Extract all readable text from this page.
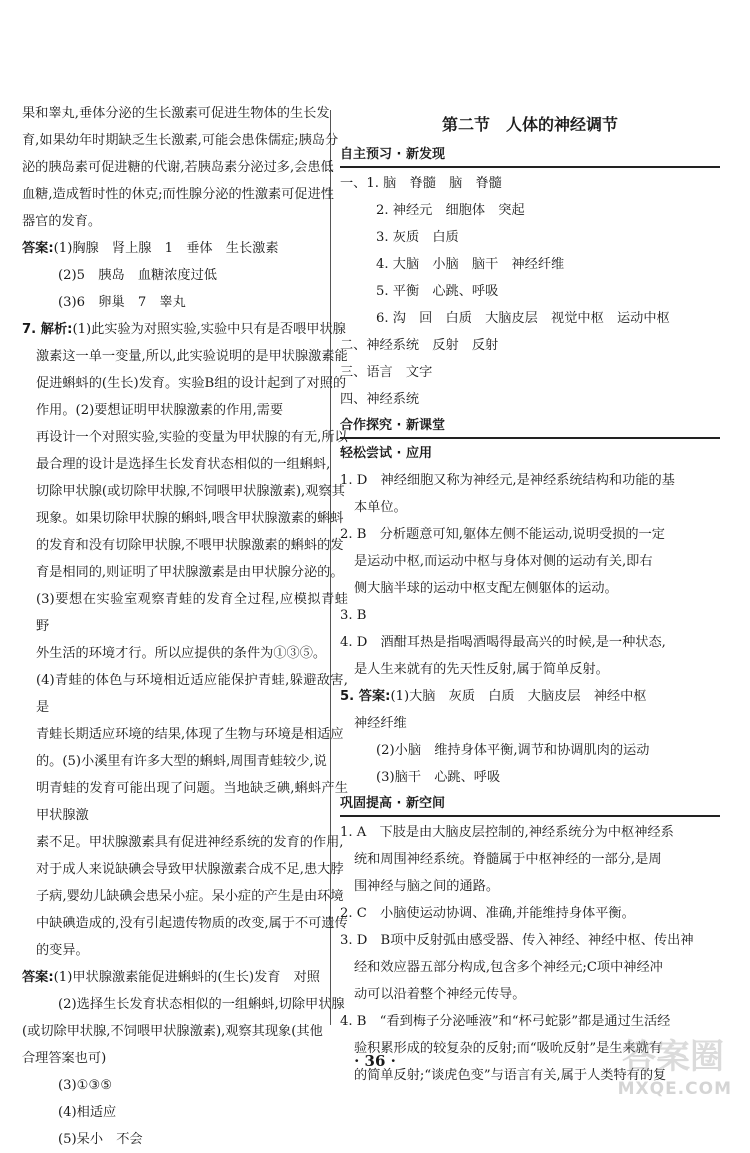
果和睾丸,垂体分泌的生长激素可促进生物体的生长发

育,如果幼年时期缺乏生长激素,可能会患侏儒症;胰岛分

泌的胰岛素可促进糖的代谢,若胰岛素分泌过多,会患低

血糖,造成暂时性的休克;而性腺分泌的性激素可促进性

器官的发育。

答案:(1)胸腺　肾上腺　1　垂体　生长激素

(2)5　胰岛　血糖浓度过低

(3)6　卵巢　7　睾丸

7. 解析:(1)此实验为对照实验,实验中只有是否喂甲状腺

激素这一单一变量,所以,此实验说明的是甲状腺激素能

促进蝌蚪的(生长)发育。实验B组的设计起到了对照的

作用。(2)要想证明甲状腺激素的作用,需要

再设计一个对照实验,实验的变量为甲状腺的有无,所以

最合理的设计是选择生长发育状态相似的一组蝌蚪,

切除甲状腺(或切除甲状腺,不饲喂甲状腺激素),观察其

现象。如果切除甲状腺的蝌蚪,喂含甲状腺激素的蝌蚪

的发育和没有切除甲状腺,不喂甲状腺激素的蝌蚪的发

育是相同的,则证明了甲状腺激素是由甲状腺分泌的。

(3)要想在实验室观察青蛙的发育全过程,应模拟青蛙野

外生活的环境才行。所以应提供的条件为①③⑤。

(4)青蛙的体色与环境相近适应能保护青蛙,躲避敌害,是

青蛙长期适应环境的结果,体现了生物与环境是相适应

的。(5)小溪里有许多大型的蝌蚪,周围青蛙较少,说

明青蛙的发育可能出现了问题。当地缺乏碘,蝌蚪产生甲状腺激

素不足。甲状腺激素具有促进神经系统的发育的作用,

对于成人来说缺碘会导致甲状腺激素合成不足,患大脖

子病,婴幼儿缺碘会患呆小症。呆小症的产生是由环境

中缺碘造成的,没有引起遗传物质的改变,属于不可遗传

的变异。

答案:(1)甲状腺激素能促进蝌蚪的(生长)发育　对照

(2)选择生长发育状态相似的一组蝌蚪,切除甲状腺

(或切除甲状腺,不饲喂甲状腺激素),观察其现象(其他

合理答案也可)

(3)①③⑤

(4)相适应

(5)呆小　不会

第二节　人体的神经调节
自主预习 · 新发现

一、1. 脑　脊髓　脑　脊髓

2. 神经元　细胞体　突起

3. 灰质　白质

4. 大脑　小脑　脑干　神经纤维

5. 平衡　心跳、呼吸

6. 沟　回　白质　大脑皮层　视觉中枢　运动中枢

二、神经系统　反射　反射

三、语言　文字

四、神经系统

合作探究 · 新课堂 轻松尝试 · 应用

1. D　神经细胞又称为神经元,是神经系统结构和功能的基

本单位。

2. B　分析题意可知,躯体左侧不能运动,说明受损的一定

是运动中枢,而运动中枢与身体对侧的运动有关,即右

侧大脑半球的运动中枢支配左侧躯体的运动。

3. B

4. D　酒酣耳热是指喝酒喝得最高兴的时候,是一种状态,

是人生来就有的先天性反射,属于简单反射。

5. 答案:(1)大脑　灰质　白质　大脑皮层　神经中枢

神经纤维

(2)小脑　维持身体平衡,调节和协调肌肉的运动

(3)脑干　心跳、呼吸

巩固提高 · 新空间

1. A　下肢是由大脑皮层控制的,神经系统分为中枢神经系

统和周围神经系统。脊髓属于中枢神经的一部分,是周

围神经与脑之间的通路。

2. C　小脑使运动协调、准确,并能维持身体平衡。

3. D　B项中反射弧由感受器、传入神经、神经中枢、传出神

经和效应器五部分构成,包含多个神经元;C项中神经冲

动可以沿着整个神经元传导。

4. B　“看到梅子分泌唾液”和“杯弓蛇影”都是通过生活经

验积累形成的较复杂的反射;而“吸吮反射”是生来就有

的简单反射;“谈虎色变”与语言有关,属于人类特有的复

· 36 ·	答案圈
MXQE.COM
